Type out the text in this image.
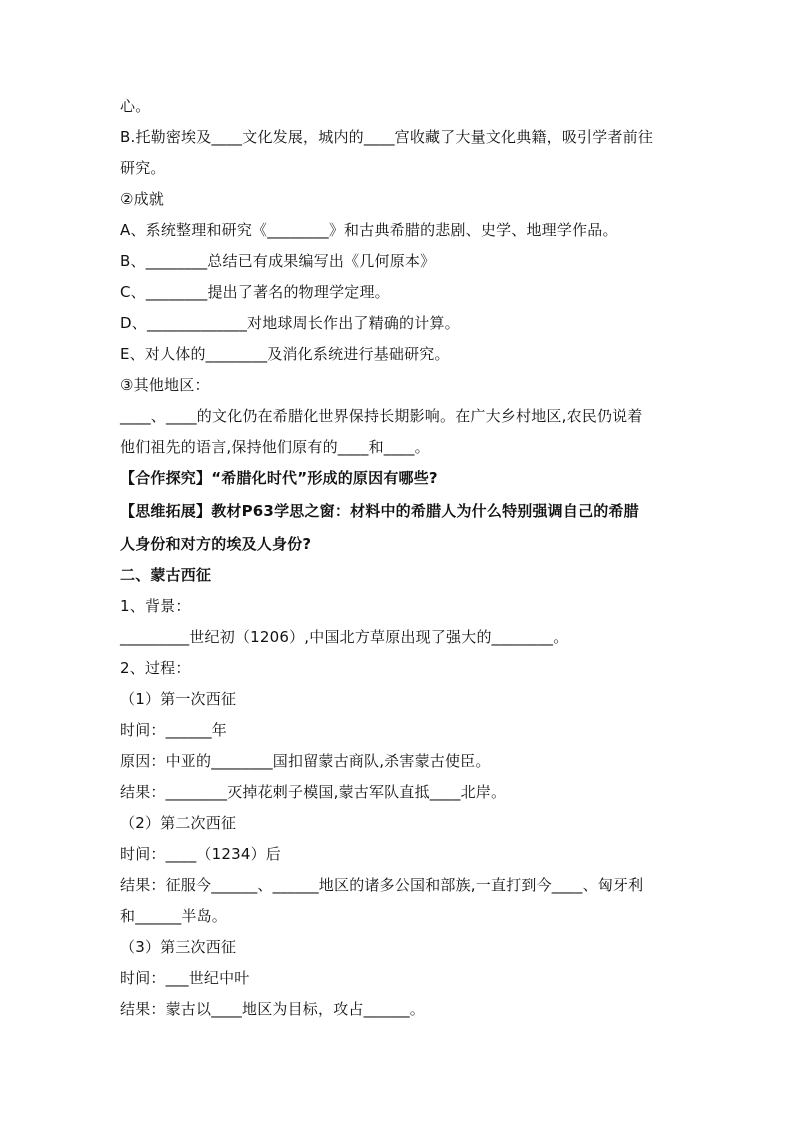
心。
B.托勒密埃及____文化发展，城内的____宫收藏了大量文化典籍，吸引学者前往
研究。
②成就
A、系统整理和研究《________》和古典希腊的悲剧、史学、地理学作品。
B、________总结已有成果编写出《几何原本》
C、________提出了著名的物理学定理。
D、_____________对地球周长作出了精确的计算。
E、对人体的________及消化系统进行基础研究。
③其他地区：
____、____的文化仍在希腊化世界保持长期影响。在广大乡村地区,农民仍说着
他们祖先的语言,保持他们原有的____和____。
【合作探究】“希腊化时代”形成的原因有哪些?
【思维拓展】教材P63学思之窗：材料中的希腊人为什么特别强调自己的希腊
人身份和对方的埃及人身份?
二、蒙古西征
1、背景：
_________世纪初（1206）,中国北方草原出现了强大的________。
2、过程：
（1）第一次西征
时间：______年
原因：中亚的________国扣留蒙古商队,杀害蒙古使臣。
结果：________灭掉花剌子模国,蒙古军队直抵____北岸。
（2）第二次西征
时间：____（1234）后
结果：征服今______、______地区的诸多公国和部族,一直打到今____、匈牙利
和______半岛。
（3）第三次西征
时间：___世纪中叶
结果：蒙古以____地区为目标，攻占______。
